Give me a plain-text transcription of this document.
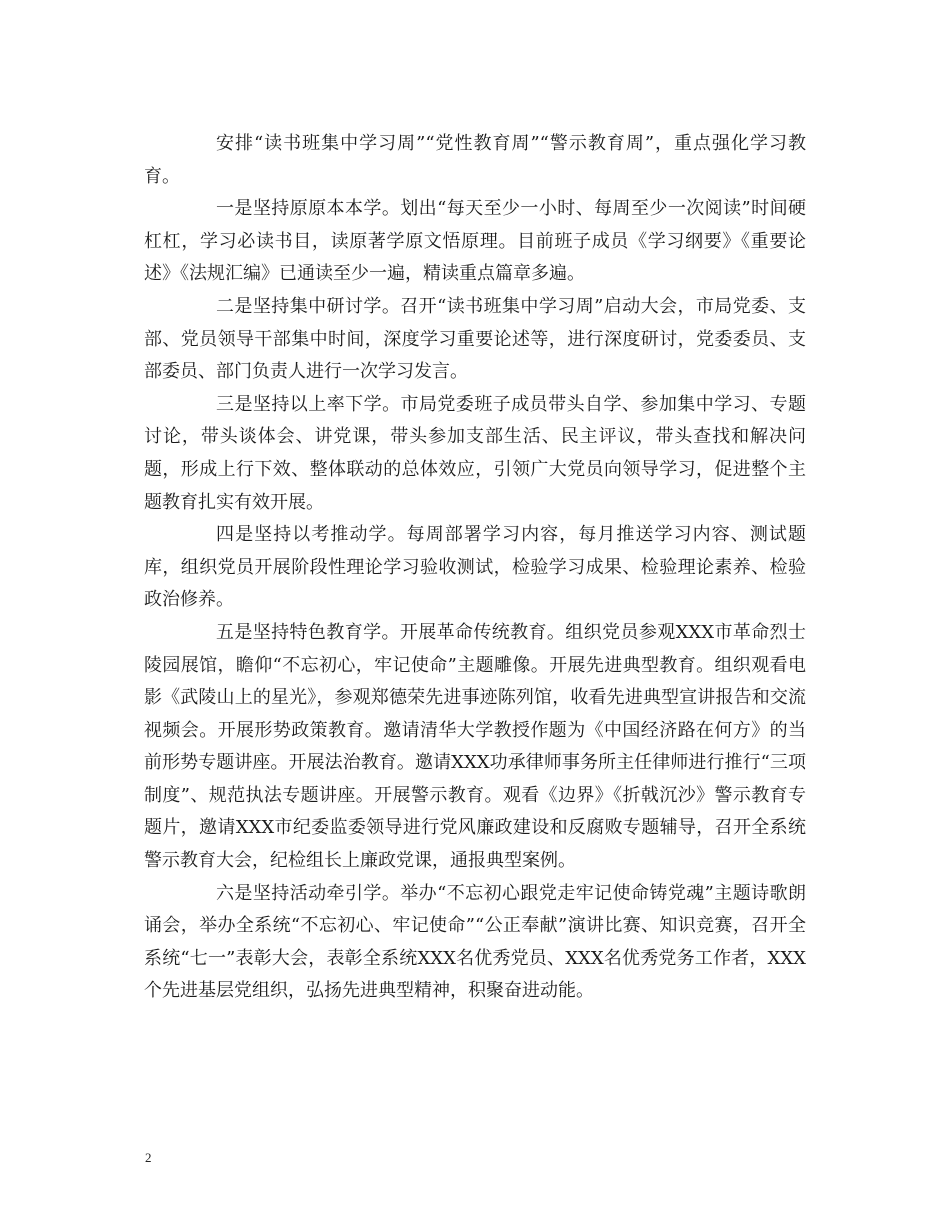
安排“读书班集中学习周”“党性教育周”“警示教育周”，重点强化学习教育。

一是坚持原原本本学。划出“每天至少一小时、每周至少一次阅读”时间硬杠杠，学习必读书目，读原著学原文悟原理。目前班子成员《学习纲要》《重要论述》《法规汇编》已通读至少一遍，精读重点篇章多遍。

二是坚持集中研讨学。召开“读书班集中学习周”启动大会，市局党委、支部、党员领导干部集中时间，深度学习重要论述等，进行深度研讨，党委委员、支部委员、部门负责人进行一次学习发言。

三是坚持以上率下学。市局党委班子成员带头自学、参加集中学习、专题讨论，带头谈体会、讲党课，带头参加支部生活、民主评议，带头查找和解决问题，形成上行下效、整体联动的总体效应，引领广大党员向领导学习，促进整个主题教育扎实有效开展。

四是坚持以考推动学。每周部署学习内容，每月推送学习内容、测试题库，组织党员开展阶段性理论学习验收测试，检验学习成果、检验理论素养、检验政治修养。

五是坚持特色教育学。开展革命传统教育。组织党员参观XXX市革命烈士陵园展馆，瞻仰“不忘初心，牢记使命”主题雕像。开展先进典型教育。组织观看电影《武陵山上的星光》，参观郑德荣先进事迹陈列馆，收看先进典型宣讲报告和交流视频会。开展形势政策教育。邀请清华大学教授作题为《中国经济路在何方》的当前形势专题讲座。开展法治教育。邀请XXX功承律师事务所主任律师进行推行“三项制度”、规范执法专题讲座。开展警示教育。观看《边界》《折戟沉沙》警示教育专题片，邀请XXX市纪委监委领导进行党风廉政建设和反腐败专题辅导，召开全系统警示教育大会，纪检组长上廉政党课，通报典型案例。

六是坚持活动牵引学。举办“不忘初心跟党走牢记使命铸党魂”主题诗歌朗诵会，举办全系统“不忘初心、牢记使命”“公正奉献”演讲比赛、知识竞赛，召开全系统“七一”表彰大会，表彰全系统XXX名优秀党员、XXX名优秀党务工作者，XXX个先进基层党组织，弘扬先进典型精神，积聚奋进动能。

2
